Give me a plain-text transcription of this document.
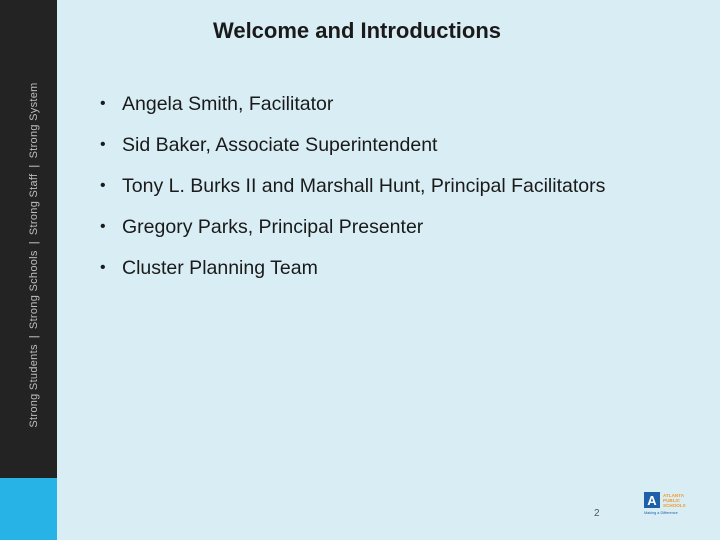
Strong Students|Strong Schools|Strong Staff|Strong System
Welcome and Introductions
• Angela Smith, Facilitator
• Sid Baker, Associate Superintendent
• Tony L. Burks II and Marshall Hunt, Principal Facilitators
• Gregory Parks, Principal Presenter
• Cluster Planning Team
2
A ATLANTA
PUBLIC
SCHOOLS
Making a Difference
